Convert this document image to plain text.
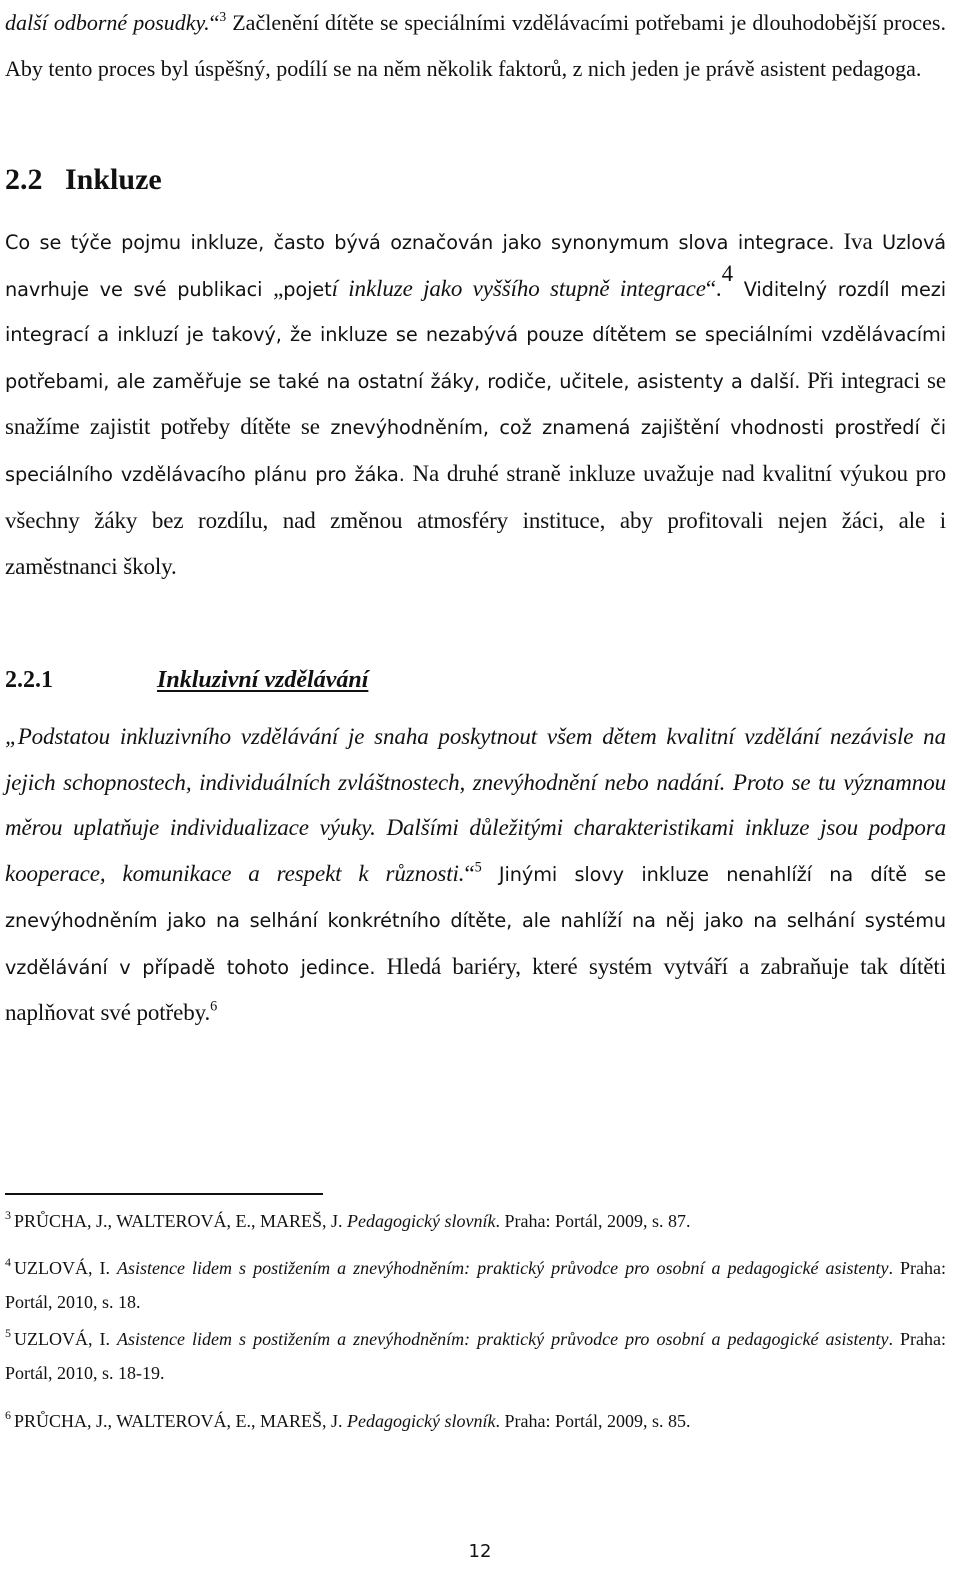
další odborné posudky.“$^3$ Začlenění dítěte se speciálními vzdělávacími potřebami je dlouhodobější proces. Aby tento proces byl úspěšný, podílí se na něm několik faktorů, z nich jeden je právě asistent pedagoga.

2.2 Inkluze

Co se týče pojmu inkluze, často bývá označován jako synonymum slova integrace. Iva Uzlová navrhuje ve své publikaci „pojetí inkluze jako vyššího stupně integrace“.$^4$ Viditelný rozdíl mezi integrací a inkluzí je takový, že inkluze se nezabývá pouze dítětem se speciálními vzdělávacími potřebami, ale zaměřuje se také na ostatní žáky, rodiče, učitele, asistenty a další. Při integraci se snažíme zajistit potřeby dítěte se znevýhodněním, což znamená zajištění vhodnosti prostředí či speciálního vzdělávacího plánu pro žáka. Na druhé straně inkluze uvažuje nad kvalitní výukou pro všechny žáky bez rozdílu, nad změnou atmosféry instituce, aby profitovali nejen žáci, ale i zaměstnanci školy.

2.2.1	Inkluzivní vzdělávání

„Podstatou inkluzivního vzdělávání je snaha poskytnout všem dětem kvalitní vzdělání nezávisle na jejich schopnostech, individuálních zvláštnostech, znevýhodnění nebo nadání. Proto se tu významnou měrou uplatňuje individualizace výuky. Dalšími důležitými charakteristikami inkluze jsou podpora kooperace, komunikace a respekt k různosti.“$^5$ Jinými slovy inkluze nenahlíží na dítě se znevýhodněním jako na selhání konkrétního dítěte, ale nahlíží na něj jako na selhání systému vzdělávání v případě tohoto jedince. Hledá bariéry, které systém vytváří a zabraňuje tak dítěti naplňovat své potřeby.$^6$

$^3$ PRŮCHA, J., WALTEROVÁ, E., MAREŠ, J. Pedagogický slovník. Praha: Portál, 2009, s. 87.
$^4$ UZLOVÁ, I. Asistence lidem s postižením a znevýhodněním: praktický průvodce pro osobní a pedagogické asistenty. Praha: Portál, 2010, s. 18.
$^5$ UZLOVÁ, I. Asistence lidem s postižením a znevýhodněním: praktický průvodce pro osobní a pedagogické asistenty. Praha: Portál, 2010, s. 18-19.
$^6$ PRŮCHA, J., WALTEROVÁ, E., MAREŠ, J. Pedagogický slovník. Praha: Portál, 2009, s. 85.
12
